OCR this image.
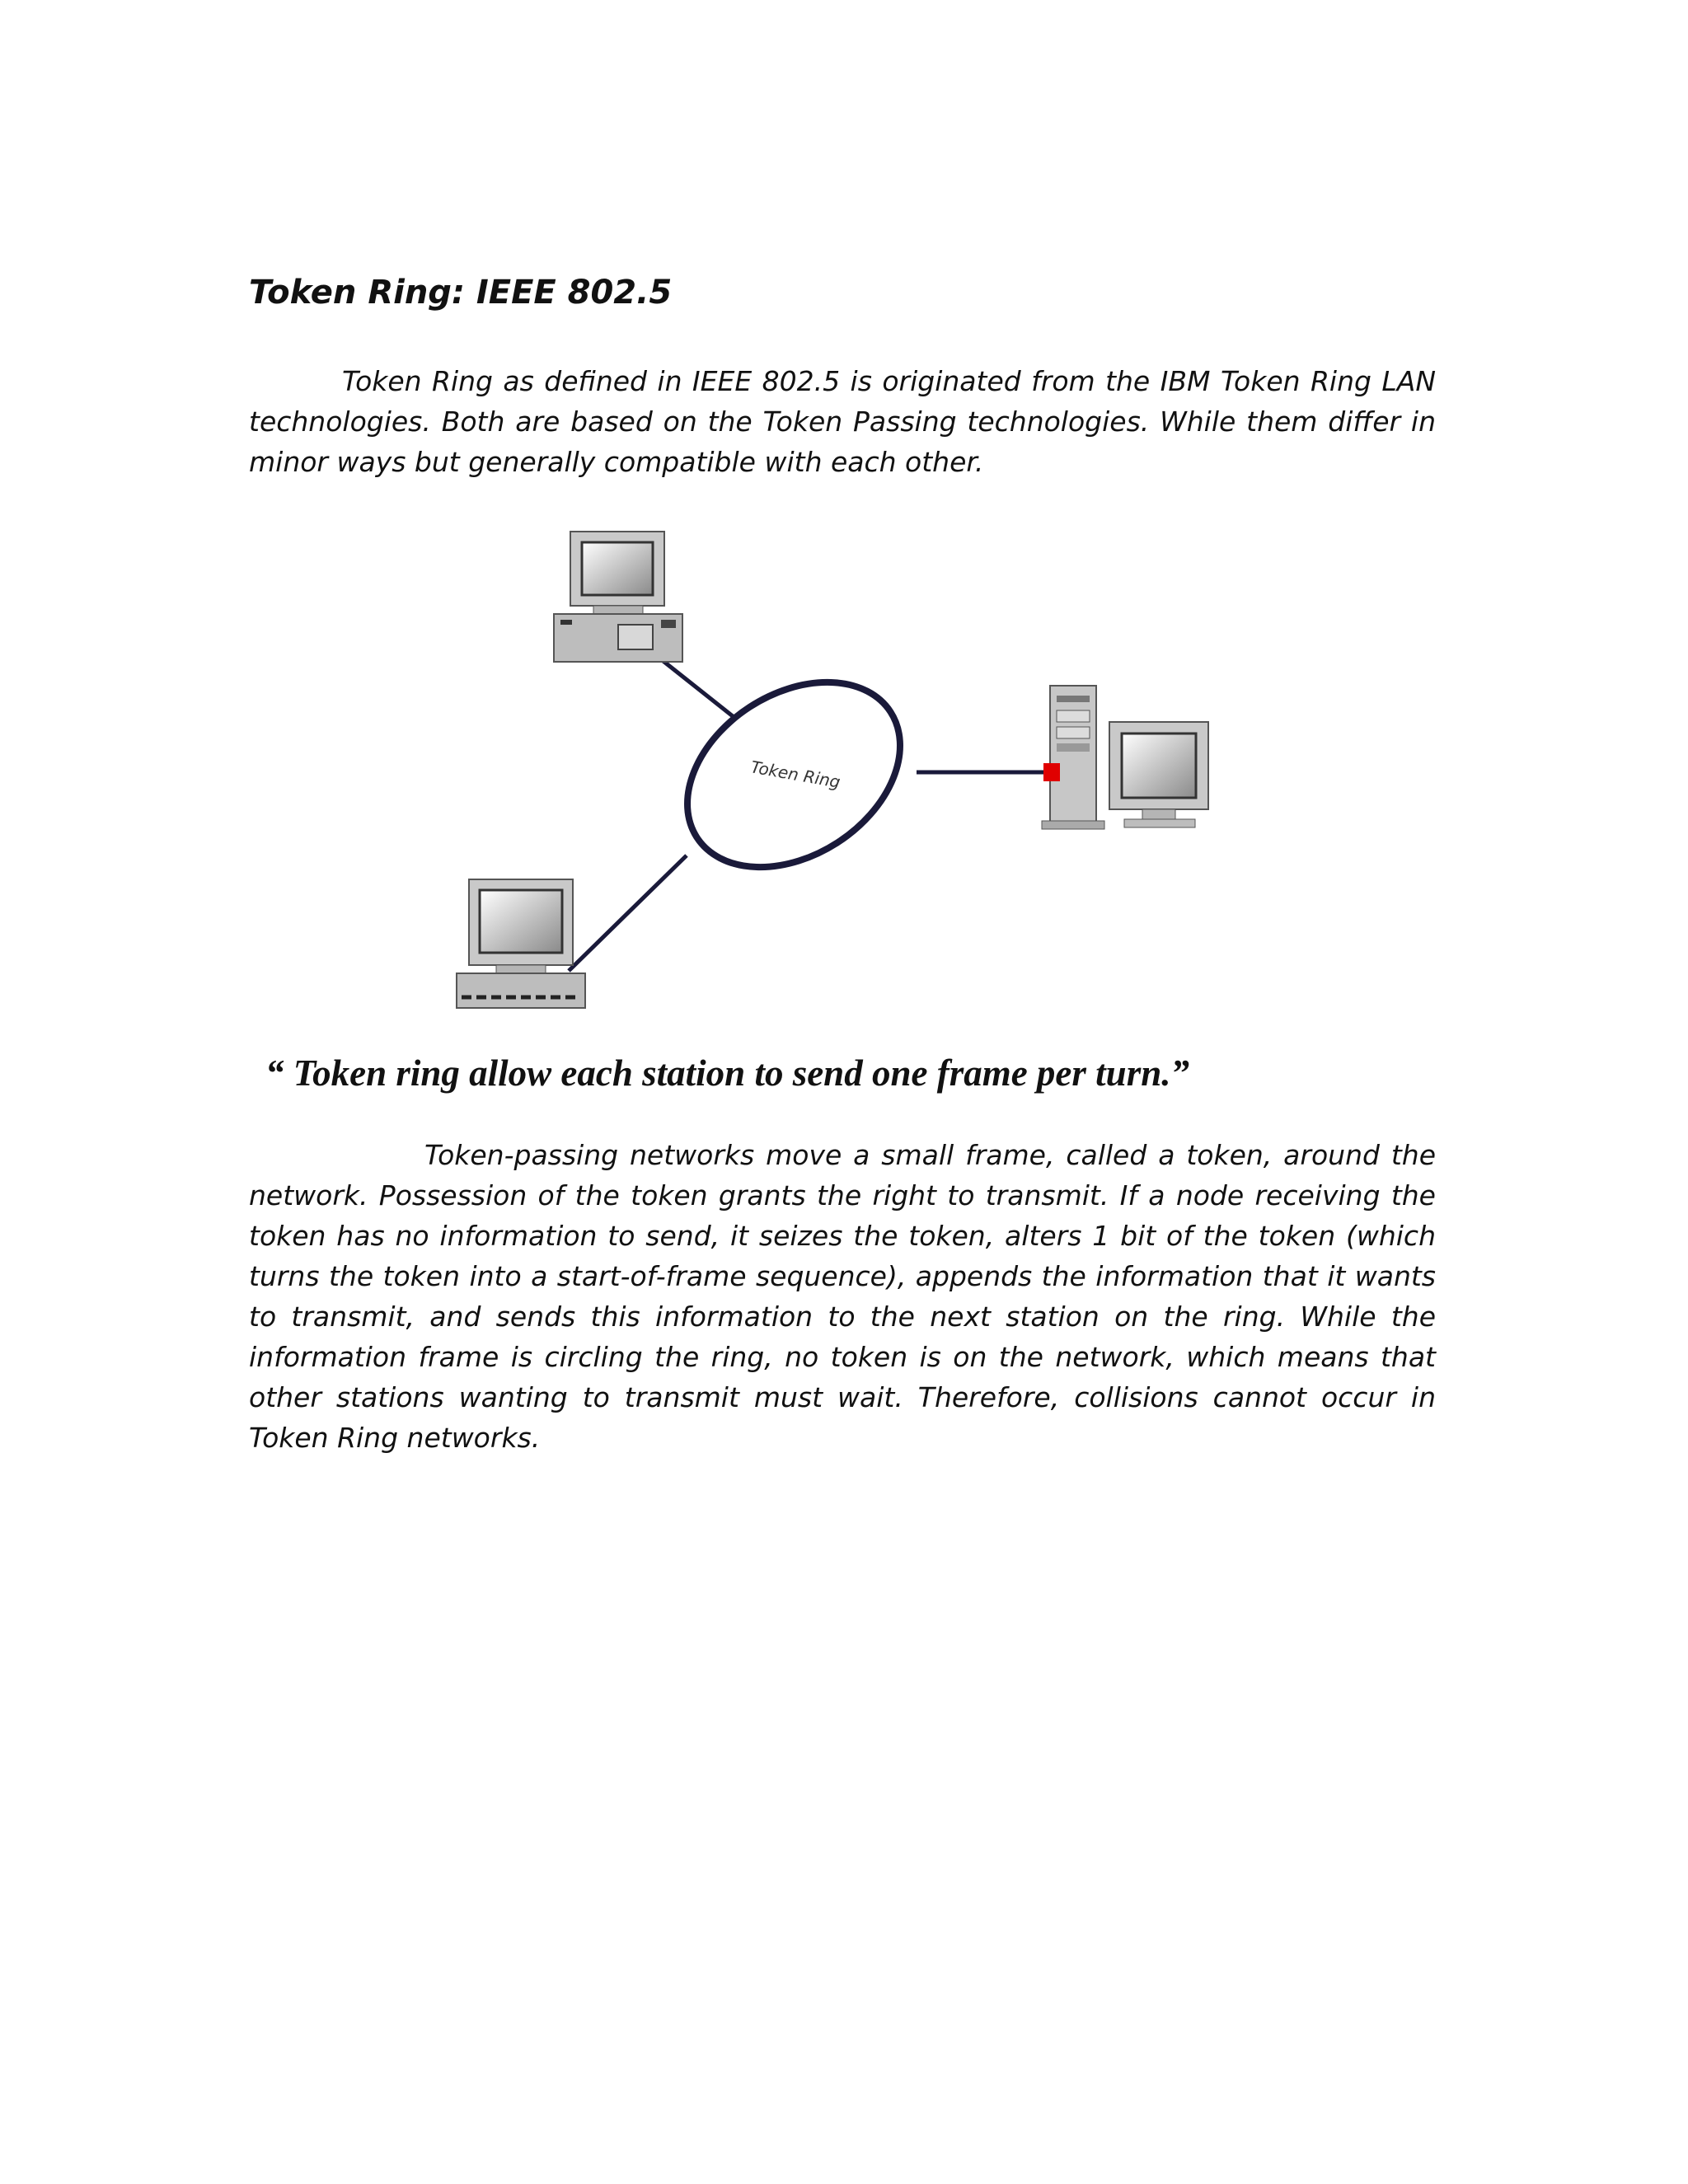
Token Ring: IEEE 802.5

Token Ring as defined in IEEE 802.5 is originated from the IBM Token Ring LAN technologies. Both are based on the Token Passing technologies. While them differ in minor ways but generally compatible with each other.

Token Ring

“ Token ring allow each station to send one frame per turn.”

Token-passing networks move a small frame, called a token, around the network. Possession of the token grants the right to transmit. If a node receiving the token has no information to send, it seizes the token, alters 1 bit of the token (which turns the token into a start-of-frame sequence), appends the information that it wants to transmit, and sends this information to the next station on the ring. While the information frame is circling the ring, no token is on the network, which means that other stations wanting to transmit must wait. Therefore, collisions cannot occur in Token Ring networks.
